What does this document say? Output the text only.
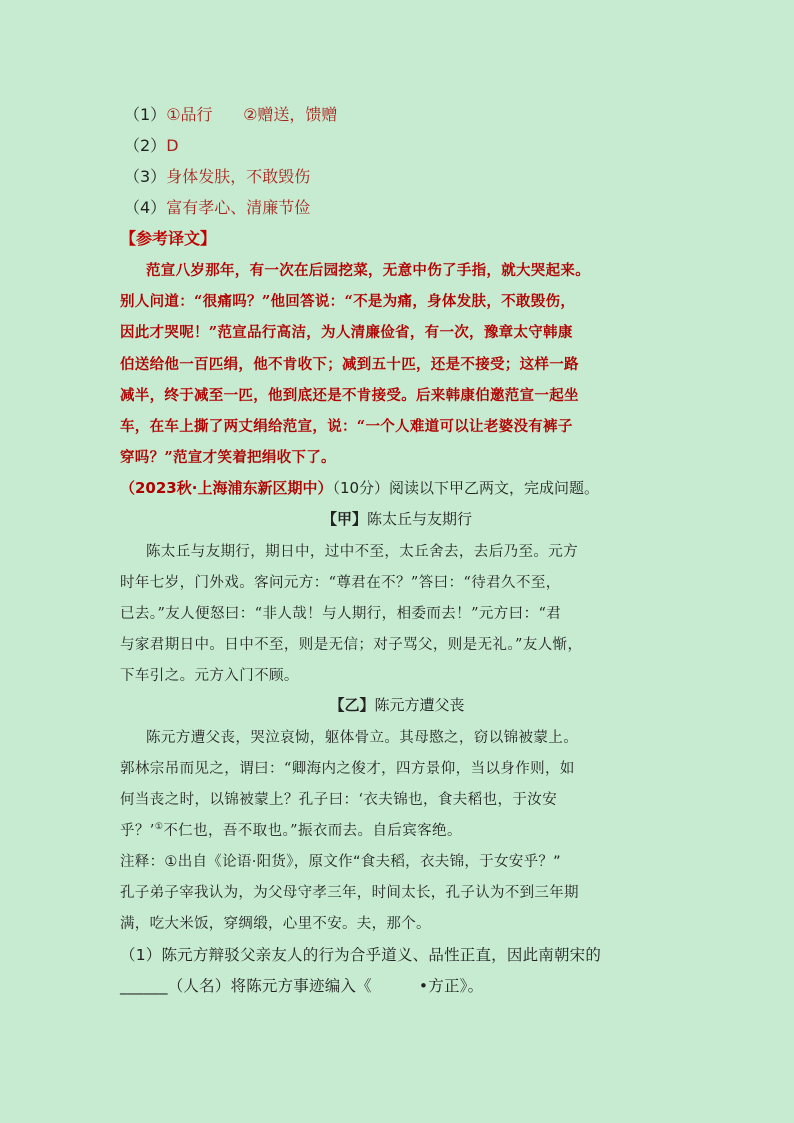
（1）①品行 ②赠送，馈赠
（2）D
（3）身体发肤，不敢毁伤
（4）富有孝心、清廉节俭
【参考译文】
范宣八岁那年，有一次在后园挖菜，无意中伤了手指，就大哭起来。
别人问道：“很痛吗？”他回答说：“不是为痛，身体发肤，不敢毁伤，
因此才哭呢！”范宣品行高洁，为人清廉俭省，有一次，豫章太守韩康
伯送给他一百匹绢，他不肯收下；减到五十匹，还是不接受；这样一路
减半，终于减至一匹，他到底还是不肯接受。后来韩康伯邀范宣一起坐
车，在车上撕了两丈绢给范宣，说：“一个人难道可以让老婆没有裤子
穿吗？”范宣才笑着把绢收下了。
（2023秋·上海浦东新区期中）（10分）阅读以下甲乙两文，完成问题。
【甲】陈太丘与友期行
陈太丘与友期行，期日中，过中不至，太丘舍去，去后乃至。元方
时年七岁，门外戏。客问元方：“尊君在不？”答曰：“待君久不至，
已去。”友人便怒曰：“非人哉！与人期行，相委而去！”元方曰：“君
与家君期日中。日中不至，则是无信；对子骂父，则是无礼。”友人惭，
下车引之。元方入门不顾。
【乙】陈元方遭父丧
陈元方遭父丧，哭泣哀恸，躯体骨立。其母愍之，窃以锦被蒙上。
郭林宗吊而见之，谓曰：“卿海内之俊才，四方景仰，当以身作则，如
何当丧之时，以锦被蒙上？孔子曰：‘衣夫锦也，食夫稻也，于汝安
乎？’①不仁也，吾不取也。”振衣而去。自后宾客绝。
注释：①出自《论语·阳货》，原文作“食夫稻，衣夫锦，于女安乎？”
孔子弟子宰我认为，为父母守孝三年，时间太长，孔子认为不到三年期
满，吃大米饭，穿绸缎，心里不安。夫，那个。
（1）陈元方辩驳父亲友人的行为合乎道义、品性正直，因此南朝宋的
______（人名）将陈元方事迹编入《　　　•方正》。
